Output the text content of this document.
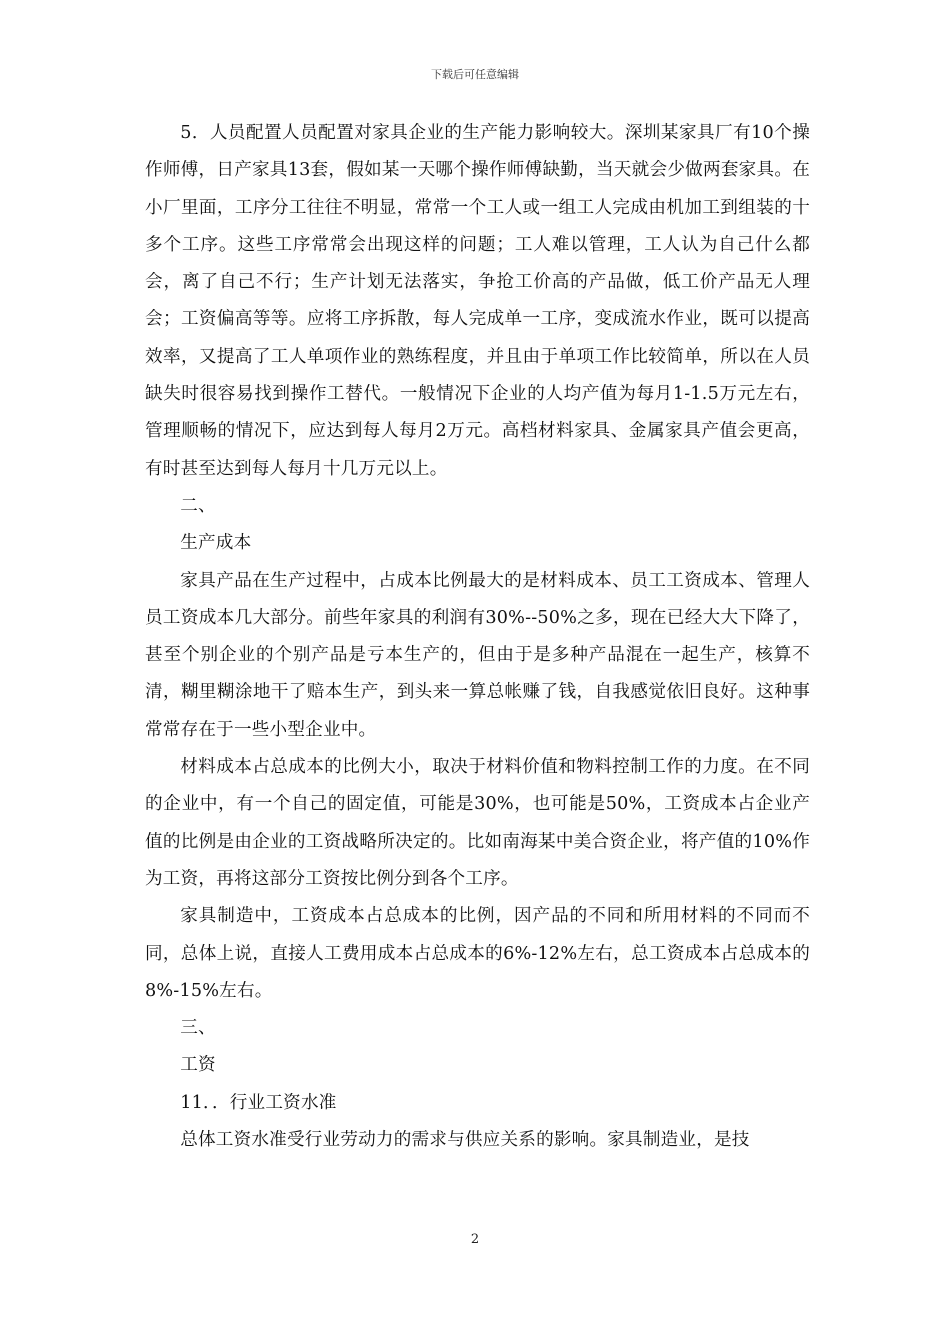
下载后可任意编辑

5．人员配置人员配置对家具企业的生产能力影响较大。深圳某家具厂有10个操作师傅，日产家具13套，假如某一天哪个操作师傅缺勤，当天就会少做两套家具。在小厂里面，工序分工往往不明显，常常一个工人或一组工人完成由机加工到组装的十多个工序。这些工序常常会出现这样的问题；工人难以管理，工人认为自己什么都会，离了自己不行；生产计划无法落实，争抢工价高的产品做，低工价产品无人理会；工资偏高等等。应将工序拆散，每人完成单一工序，变成流水作业，既可以提高效率，又提高了工人单项作业的熟练程度，并且由于单项工作比较简单，所以在人员缺失时很容易找到操作工替代。一般情况下企业的人均产值为每月1-1.5万元左右，管理顺畅的情况下，应达到每人每月2万元。高档材料家具、金属家具产值会更高，有时甚至达到每人每月十几万元以上。

二、

生产成本

家具产品在生产过程中，占成本比例最大的是材料成本、员工工资成本、管理人员工资成本几大部分。前些年家具的利润有30%--50%之多，现在已经大大下降了，甚至个别企业的个别产品是亏本生产的，但由于是多种产品混在一起生产，核算不清，糊里糊涂地干了赔本生产，到头来一算总帐赚了钱，自我感觉依旧良好。这种事常常存在于一些小型企业中。

材料成本占总成本的比例大小，取决于材料价值和物料控制工作的力度。在不同的企业中，有一个自己的固定值，可能是30%，也可能是50%，工资成本占企业产值的比例是由企业的工资战略所决定的。比如南海某中美合资企业，将产值的10%作为工资，再将这部分工资按比例分到各个工序。

家具制造中，工资成本占总成本的比例，因产品的不同和所用材料的不同而不同，总体上说，直接人工费用成本占总成本的6%-12%左右，总工资成本占总成本的8%-15%左右。

三、

工资

11．．行业工资水准

总体工资水准受行业劳动力的需求与供应关系的影响。家具制造业，是技

2
